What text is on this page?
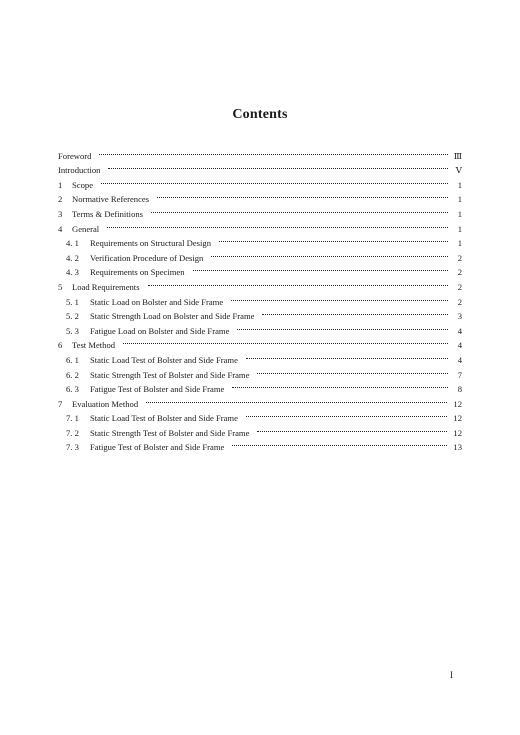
Contents
Foreword	Ⅲ
Introduction	Ⅴ
1	Scope	1
2	Normative References	1
3	Terms & Definitions	1
4	General	1
4. 1	Requirements on Structural Design	1
4. 2	Verification Procedure of Design	2
4. 3	Requirements on Specimen	2
5	Load Requirements	2
5. 1	Static Load on Bolster and Side Frame	2
5. 2	Static Strength Load on Bolster and Side Frame	3
5. 3	Fatigue Load on Bolster and Side Frame	4
6	Test Method	4
6. 1	Static Load Test of Bolster and Side Frame	4
6. 2	Static Strength Test of Bolster and Side Frame	7
6. 3	Fatigue Test of Bolster and Side Frame	8
7	Evaluation Method	12
7. 1	Static Load Test of Bolster and Side Frame	12
7. 2	Static Strength Test of Bolster and Side Frame	12
7. 3	Fatigue Test of Bolster and Side Frame	13
I
